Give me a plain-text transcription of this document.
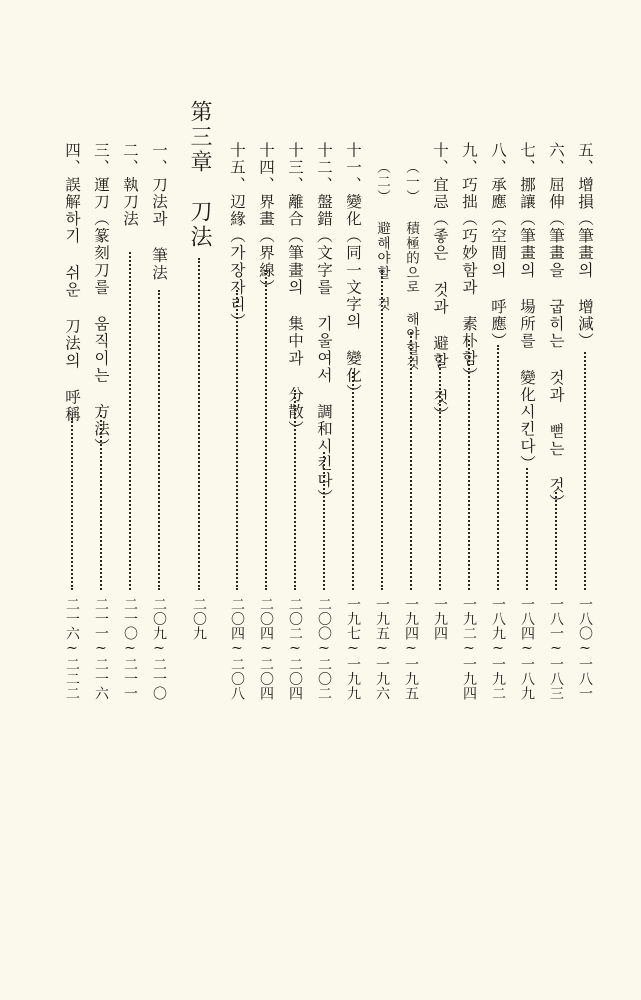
五、增損（筆畫의 增減）
一八〇~一八一
六、屈伸（筆畫을 굽히는 것과 뻗는 것）
一八一~一八三
七、挪讓（筆畫의 場所를 變化시킨다）
一八四~一八九
八、承應（空間의 呼應）
一八九~一九二
九、巧拙（巧妙함과 素朴함）
一九二~一九四
十、宜忌（좋은 것과 避할 것）
一九四
（一） 積極的으로 해야할것
一九四~一九五
（二） 避해야할 것
一九五~一九六
十一、變化（同一文字의 變化）
一九七~一九九
十二、盤錯（文字를 기울여서 調和시킨다）
二〇〇~二〇二
十三、離合（筆畫의 集中과 分散）
二〇二~二〇四
十四、界畫（界線）
二〇四~二〇四
十五、辺緣（가장자리）
二〇四~二〇八
第三章　刀法
二〇九
一、刀法과 筆法
二〇九~二一〇
二、執刀法
二一〇~二一一
三、運刀（篆刻刀를 움직이는 方法）
二一一~二一六
四、誤解하기 쉬운 刀法의 呼稱
二一六~二二二
